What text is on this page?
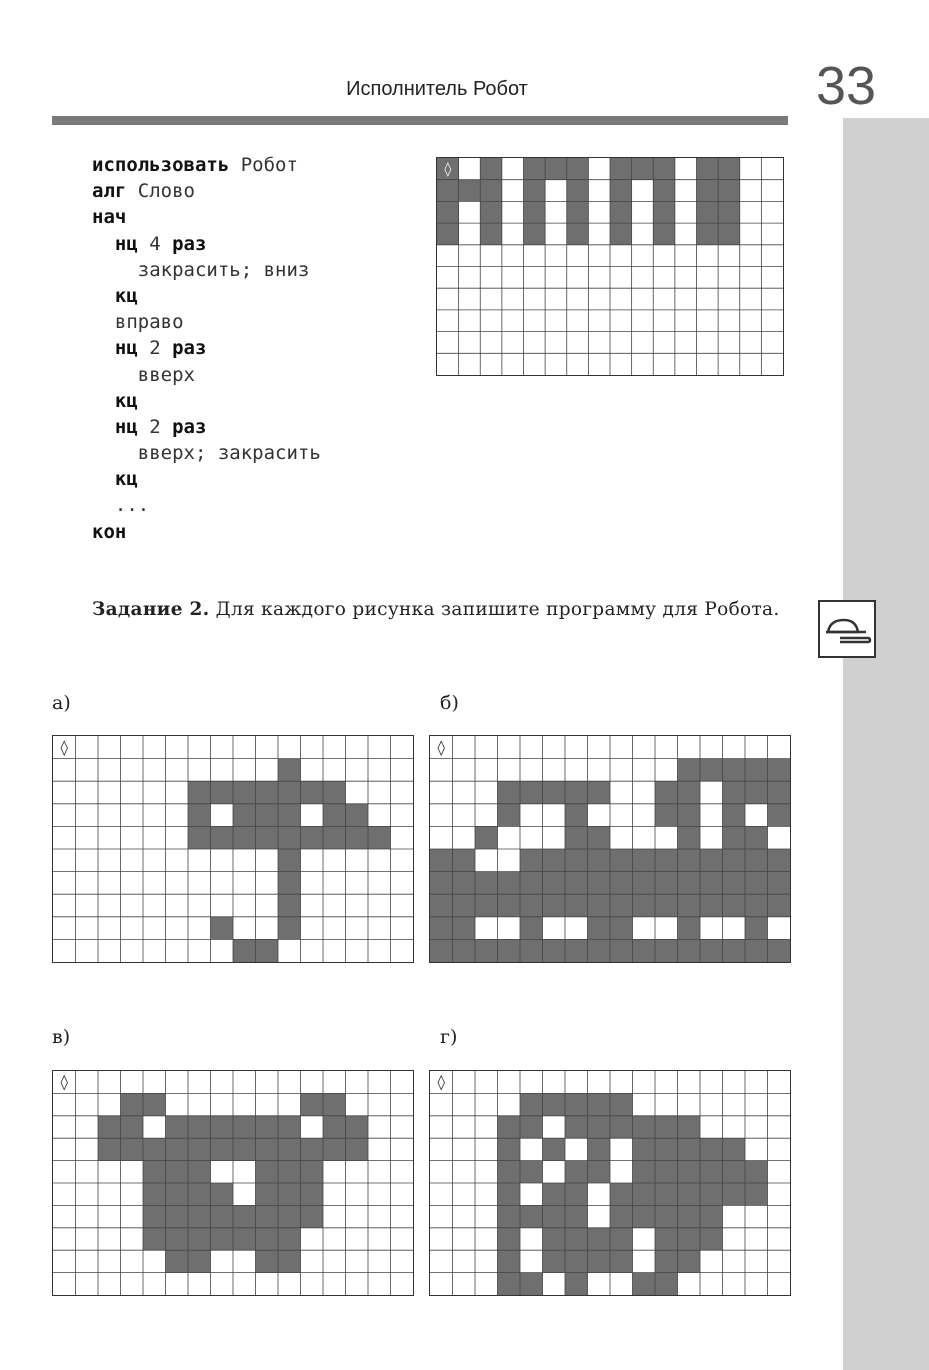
33
Исполнитель Робот
использовать Робот
алг Слово
нач
нц 4 раз
закрасить; вниз
кц
вправо
нц 2 раз
вверх
кц
нц 2 раз
вверх; закрасить
кц
...
кон
◊
Задание 2. Для каждого рисунка запишите программу для Робота.
а)	б)
в)	г)
◊	◊
◊	◊
